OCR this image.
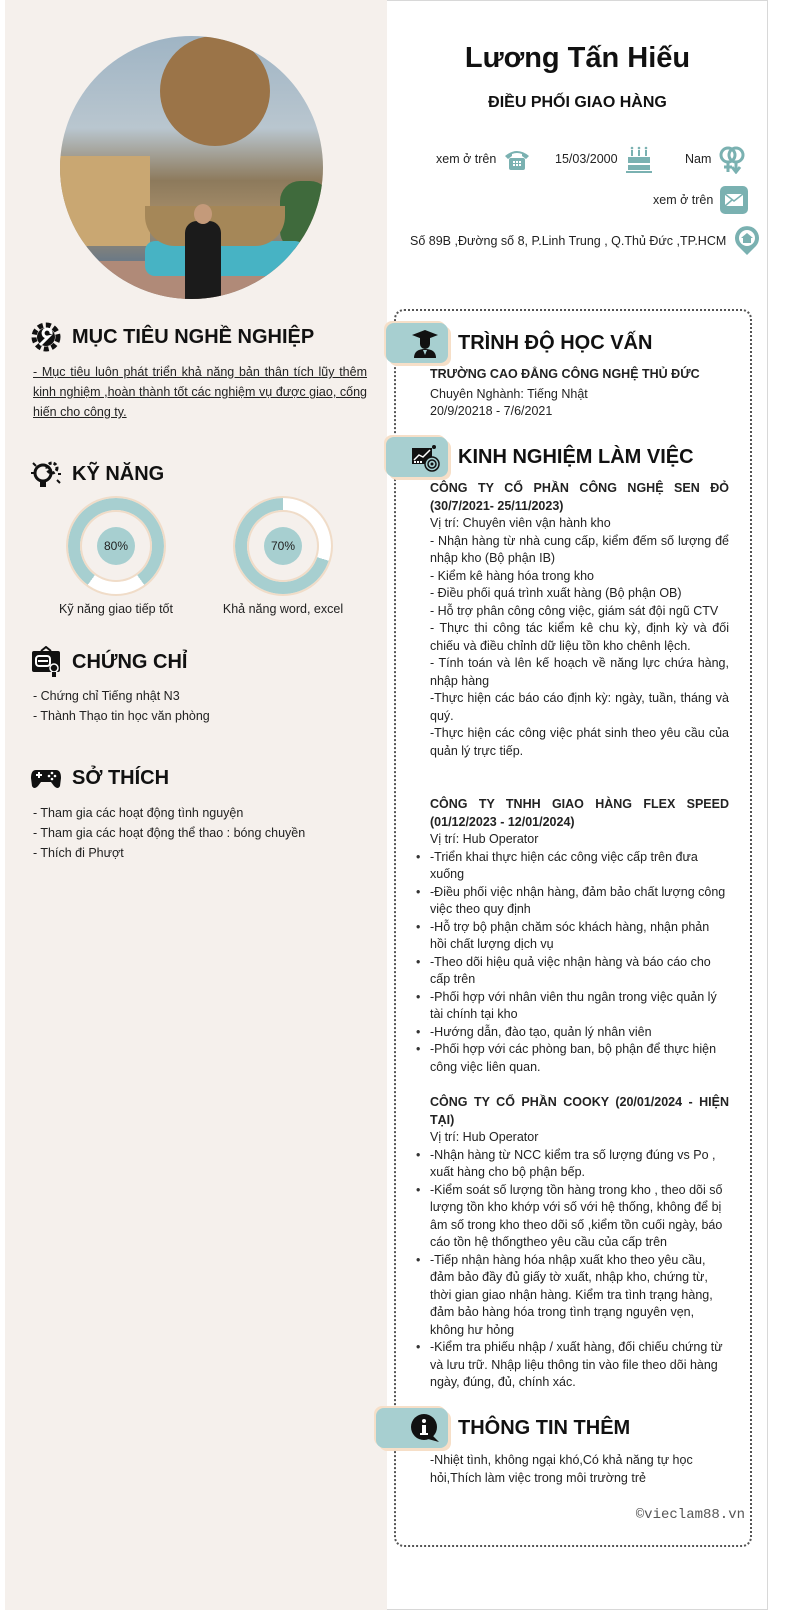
Lương Tấn Hiếu
ĐIỀU PHỐI GIAO HÀNG
xem ở trên	15/03/2000	Nam
xem ở trên
Số 89B ,Đường số 8, P.Linh Trung , Q.Thủ Đức ,TP.HCM
MỤC TIÊU NGHỀ NGHIỆP
- Mục tiêu luôn phát triển khả năng bản thân tích lũy thêm kinh nghiệm ,hoàn thành tốt các nghiệm vụ được giao, cống hiến cho công ty.
KỸ NĂNG
80%
Kỹ năng giao tiếp tốt
70%
Khả năng word, excel
CHỨNG CHỈ
- Chứng chỉ Tiếng nhật N3
- Thành Thạo tin học văn phòng
SỞ THÍCH
- Tham gia các hoạt động tình nguyện
- Tham gia các hoạt động thể thao : bóng chuyền
- Thích đi Phượt
TRÌNH ĐỘ HỌC VẤN
TRƯỜNG CAO ĐẲNG CÔNG NGHỆ THỦ ĐỨC
Chuyên Nghành: Tiếng Nhật
20/9/20218 - 7/6/2021
KINH NGHIỆM LÀM VIỆC
CÔNG TY CỔ PHẦN CÔNG NGHỆ SEN ĐỎ (30/7/2021- 25/11/2023)
Vị trí: Chuyên viên vận hành kho
- Nhận hàng từ nhà cung cấp, kiểm đếm số lượng để nhập kho (Bộ phận IB)
- Kiểm kê hàng hóa trong kho
- Điều phối quá trình xuất hàng (Bộ phận OB)
- Hỗ trợ phân công công việc, giám sát đội ngũ CTV
- Thực thi công tác kiểm kê chu kỳ, định kỳ và đối chiếu và điều chỉnh dữ liệu tồn kho chênh lệch.
- Tính toán và lên kế hoạch về năng lực chứa hàng, nhập hàng
-Thực hiện các báo cáo định kỳ: ngày, tuần, tháng và quý.
-Thực hiện các công việc phát sinh theo yêu cầu của quản lý trực tiếp.
CÔNG TY TNHH GIAO HÀNG FLEX SPEED (01/12/2023 - 12/01/2024)
Vị trí: Hub Operator
• -Triển khai thực hiện các công việc cấp trên đưa xuống
• -Điều phối việc nhận hàng, đảm bảo chất lượng công việc theo quy định
• -Hỗ trợ bộ phận chăm sóc khách hàng, nhận phản hồi chất lượng dịch vụ
• -Theo dõi hiệu quả việc nhận hàng và báo cáo cho cấp trên
• -Phối hợp với nhân viên thu ngân trong việc quản lý tài chính tại kho
• -Hướng dẫn, đào tạo, quản lý nhân viên
• -Phối hợp với các phòng ban, bộ phận để thực hiện công việc liên quan.
CÔNG TY CỔ PHẦN COOKY (20/01/2024 - HIỆN TẠI)
Vị trí: Hub Operator
• -Nhận hàng từ NCC kiểm tra số lượng đúng vs Po , xuất hàng cho bộ phận bếp.
• -Kiểm soát số lượng tồn hàng trong kho , theo dõi số lượng tồn kho khớp với số với hệ thống, không để bị âm số trong kho theo dõi số ,kiểm tồn cuối ngày, báo cáo tồn hệ thốngtheo yêu cầu của cấp trên
• -Tiếp nhận hàng hóa nhập xuất kho theo yêu cầu, đảm bảo đầy đủ giấy tờ xuất, nhập kho, chứng từ, thời gian giao nhận hàng. Kiểm tra tình trạng hàng, đảm bảo hàng hóa trong tình trạng nguyên vẹn, không hư hỏng
• -Kiểm tra phiếu nhập / xuất hàng, đối chiếu chứng từ và lưu trữ. Nhập liệu thông tin vào file theo dõi hàng ngày, đúng, đủ, chính xác.
THÔNG TIN THÊM
-Nhiệt tình, không ngại khó,Có khả năng tự học hỏi,Thích làm việc trong môi trường trẻ
©vieclam88.vn
